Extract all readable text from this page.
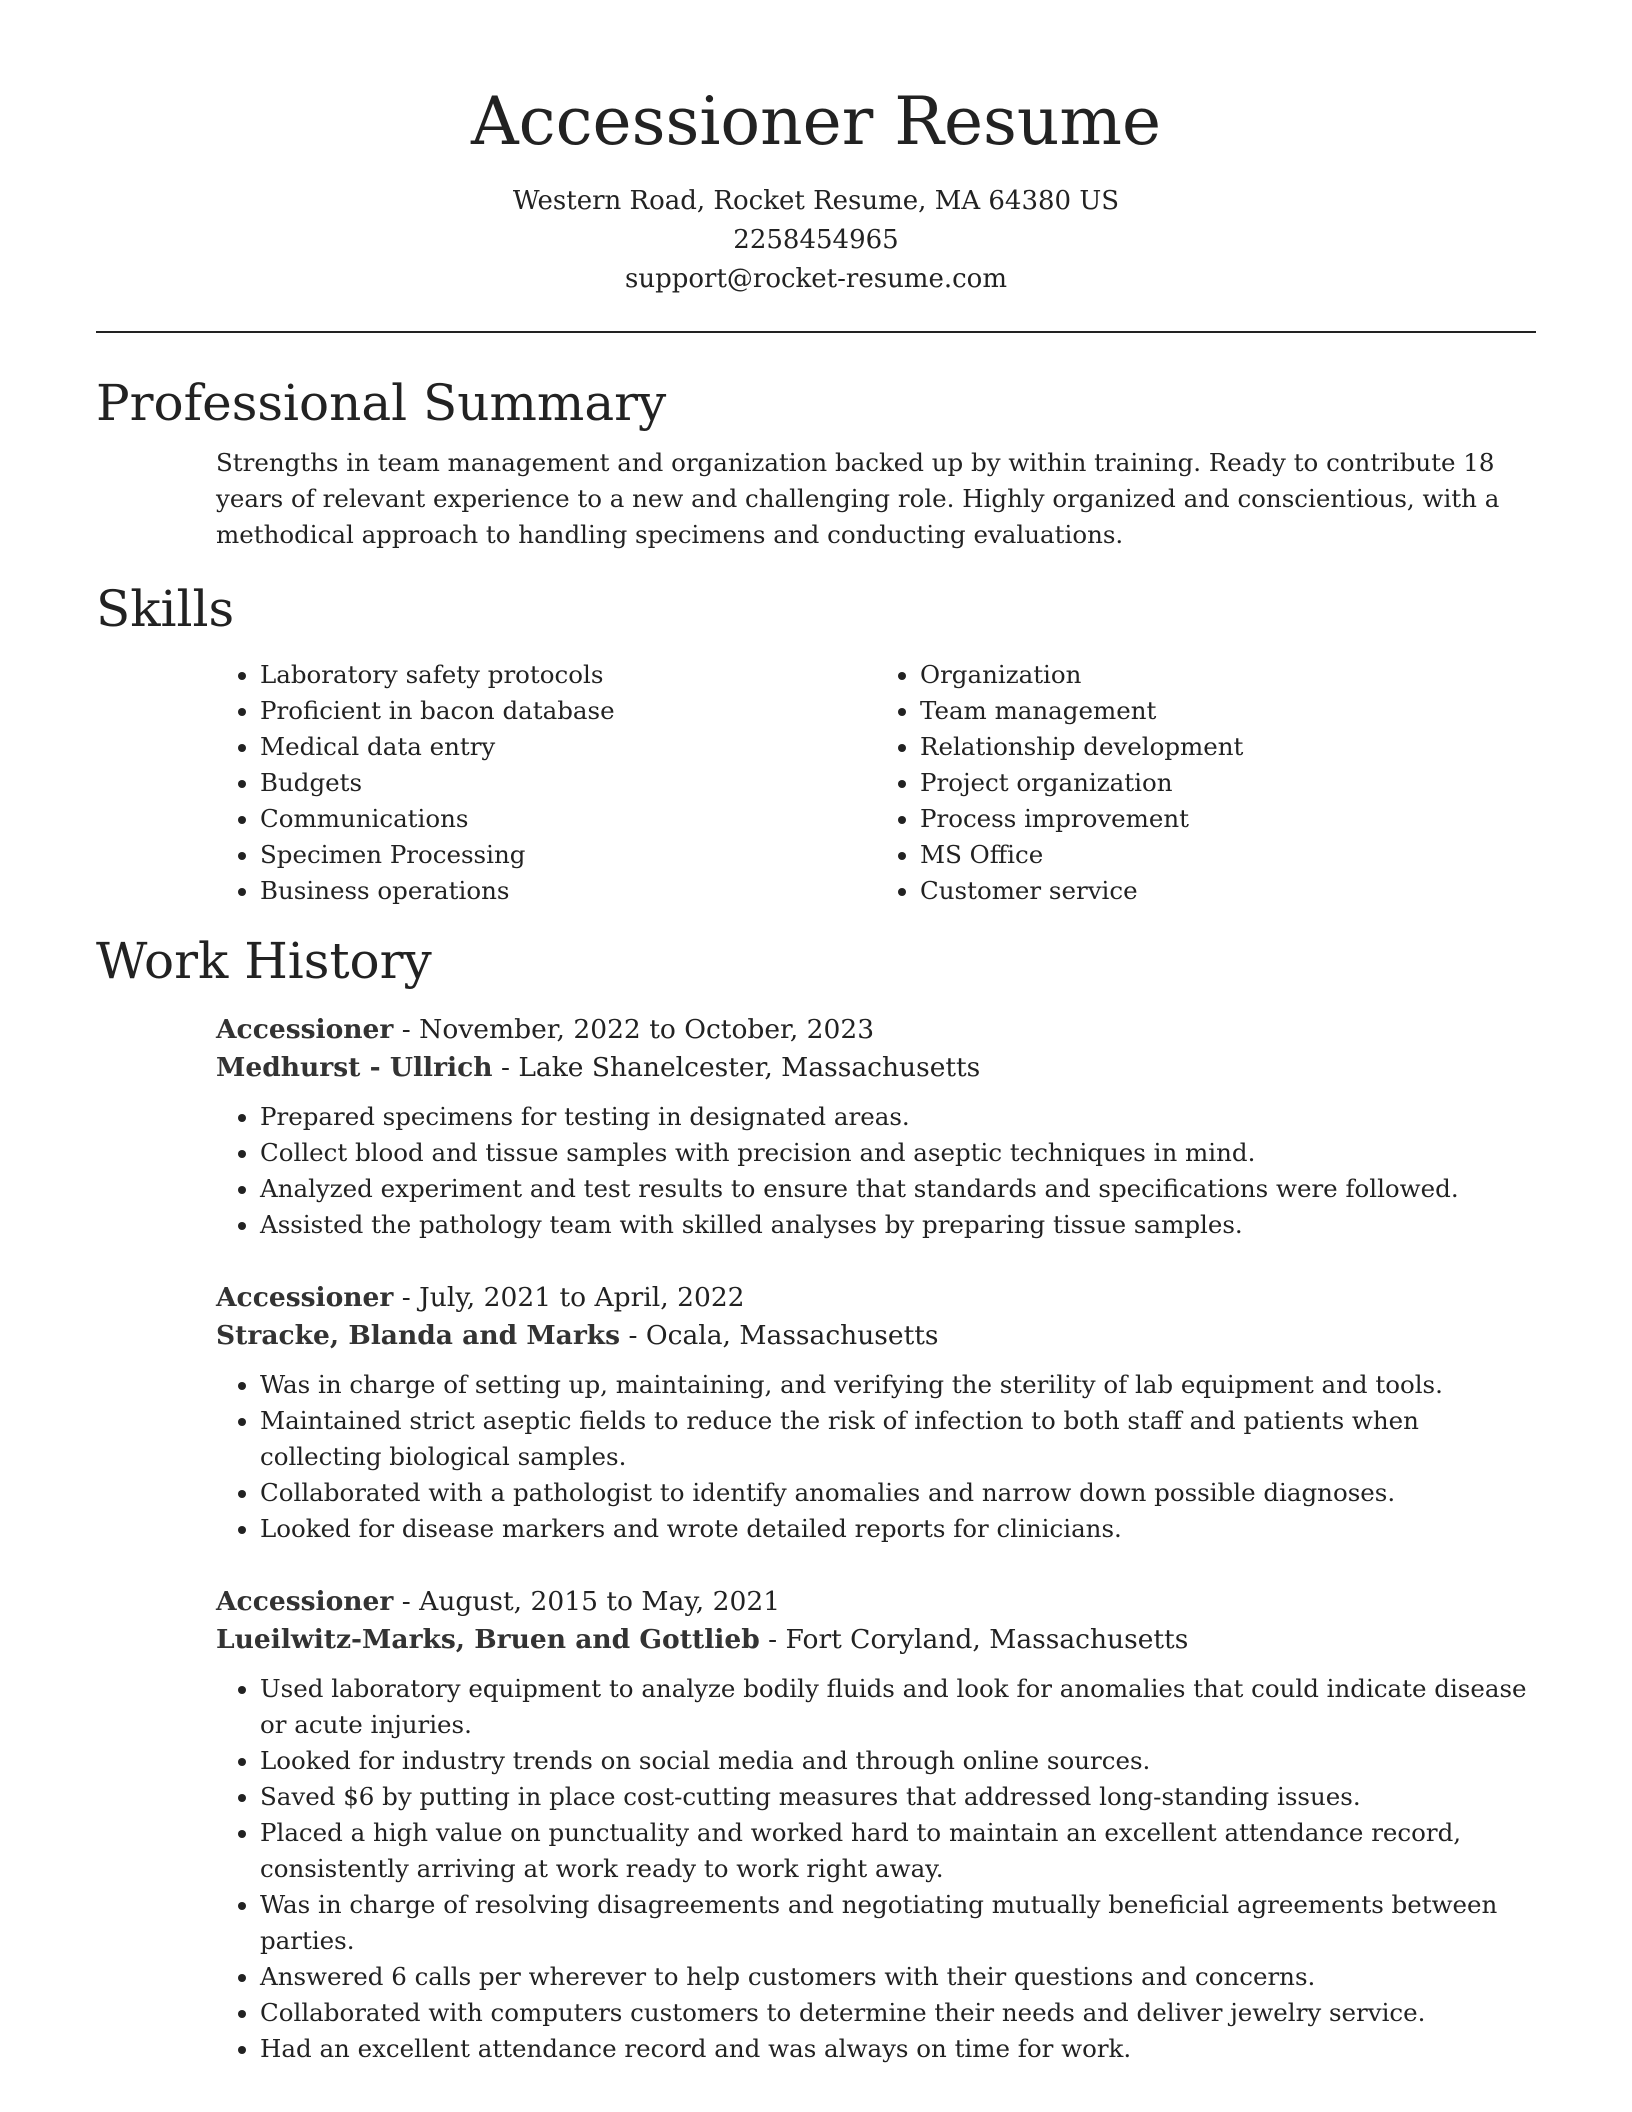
Accessioner Resume
Western Road, Rocket Resume, MA 64380 US
2258454965
support@rocket-resume.com
Professional Summary
Strengths in team management and organization backed up by within training. Ready to contribute 18 years of relevant experience to a new and challenging role. Highly organized and conscientious, with a methodical approach to handling specimens and conducting evaluations.
Skills
• Laboratory safety protocols
• Proficient in bacon database
• Medical data entry
• Budgets
• Communications
• Specimen Processing
• Business operations
• Organization
• Team management
• Relationship development
• Project organization
• Process improvement
• MS Office
• Customer service
Work History

Accessioner - November, 2022 to October, 2023

Medhurst - Ullrich - Lake Shanelcester, Massachusetts

• Prepared specimens for testing in designated areas.
• Collect blood and tissue samples with precision and aseptic techniques in mind.
• Analyzed experiment and test results to ensure that standards and specifications were followed.
• Assisted the pathology team with skilled analyses by preparing tissue samples.

Accessioner - July, 2021 to April, 2022

Stracke, Blanda and Marks - Ocala, Massachusetts

• Was in charge of setting up, maintaining, and verifying the sterility of lab equipment and tools.
• Maintained strict aseptic fields to reduce the risk of infection to both staff and patients when collecting biological samples.
• Collaborated with a pathologist to identify anomalies and narrow down possible diagnoses.
• Looked for disease markers and wrote detailed reports for clinicians.

Accessioner - August, 2015 to May, 2021

Lueilwitz-Marks, Bruen and Gottlieb - Fort Coryland, Massachusetts

• Used laboratory equipment to analyze bodily fluids and look for anomalies that could indicate disease or acute injuries.
• Looked for industry trends on social media and through online sources.
• Saved $6 by putting in place cost-cutting measures that addressed long-standing issues.
• Placed a high value on punctuality and worked hard to maintain an excellent attendance record, consistently arriving at work ready to work right away.
• Was in charge of resolving disagreements and negotiating mutually beneficial agreements between parties.
• Answered 6 calls per wherever to help customers with their questions and concerns.
• Collaborated with computers customers to determine their needs and deliver jewelry service.
• Had an excellent attendance record and was always on time for work.
